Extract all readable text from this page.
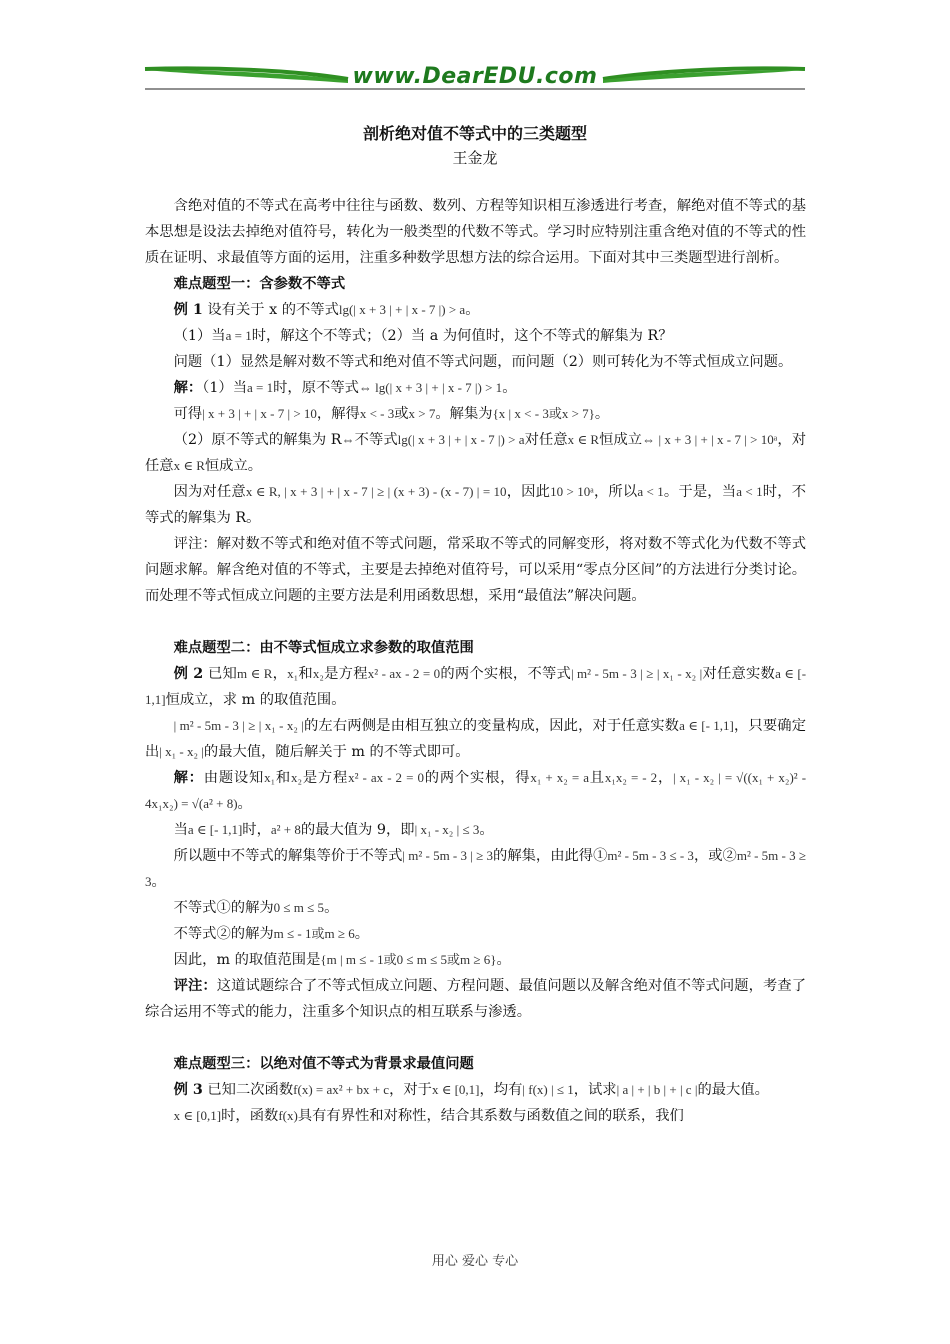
www.DearEDU.com
剖析绝对值不等式中的三类题型
王金龙

含绝对值的不等式在高考中往往与函数、数列、方程等知识相互渗透进行考查，解绝对值不等式的基本思想是设法去掉绝对值符号，转化为一般类型的代数不等式。学习时应特别注重含绝对值的不等式的性质在证明、求最值等方面的运用，注重多种数学思想方法的综合运用。下面对其中三类题型进行剖析。

难点题型一：含参数不等式

例 1 设有关于 x 的不等式lg(| x + 3 | + | x - 7 |) > a。

（1）当a = 1时，解这个不等式；（2）当 a 为何值时，这个不等式的解集为 R？

问题（1）显然是解对数不等式和绝对值不等式问题，而问题（2）则可转化为不等式恒成立问题。

解：（1）当a = 1时，原不等式⇔ lg(| x + 3 | + | x - 7 |) > 1。

可得| x + 3 | + | x - 7 | > 10，解得x < - 3或x > 7。解集为{x | x < - 3或x > 7}。

（2）原不等式的解集为 R⇔不等式lg(| x + 3 | + | x - 7 |) > a对任意x ∈ R恒成立⇔ | x + 3 | + | x - 7 | > 10ᵃ，对任意x ∈ R恒成立。

因为对任意x ∈ R, | x + 3 | + | x - 7 | ≥ | (x + 3) - (x - 7) | = 10，因此10 > 10ᵃ，所以a < 1。于是，当a < 1时，不等式的解集为 R。

评注：解对数不等式和绝对值不等式问题，常采取不等式的同解变形，将对数不等式化为代数不等式问题求解。解含绝对值的不等式，主要是去掉绝对值符号，可以采用“零点分区间”的方法进行分类讨论。而处理不等式恒成立问题的主要方法是利用函数思想，采用“最值法”解决问题。

难点题型二：由不等式恒成立求参数的取值范围

例 2 已知m ∈ R，x₁和x₂是方程x² - ax - 2 = 0的两个实根，不等式| m² - 5m - 3 | ≥ | x₁ - x₂ |对任意实数a ∈ [- 1,1]恒成立，求 m 的取值范围。

| m² - 5m - 3 | ≥ | x₁ - x₂ |的左右两侧是由相互独立的变量构成，因此，对于任意实数a ∈ [- 1,1]，只要确定出| x₁ - x₂ |的最大值，随后解关于 m 的不等式即可。

解：由题设知x₁和x₂是方程x² - ax - 2 = 0的两个实根，得x₁ + x₂ = a且x₁x₂ = - 2，| x₁ - x₂ | = √((x₁ + x₂)² - 4x₁x₂) = √(a² + 8)。

当a ∈ [- 1,1]时，a² + 8的最大值为 9，即| x₁ - x₂ | ≤ 3。

所以题中不等式的解集等价于不等式| m² - 5m - 3 | ≥ 3的解集，由此得①m² - 5m - 3 ≤ - 3，或②m² - 5m - 3 ≥ 3。

不等式①的解为0 ≤ m ≤ 5。

不等式②的解为m ≤ - 1或m ≥ 6。

因此，m 的取值范围是{m | m ≤ - 1或0 ≤ m ≤ 5或m ≥ 6}。

评注：这道试题综合了不等式恒成立问题、方程问题、最值问题以及解含绝对值不等式问题，考查了综合运用不等式的能力，注重多个知识点的相互联系与渗透。

难点题型三：以绝对值不等式为背景求最值问题

例 3 已知二次函数f(x) = ax² + bx + c，对于x ∈ [0,1]，均有| f(x) | ≤ 1，试求| a | + | b | + | c |的最大值。

x ∈ [0,1]时，函数f(x)具有有界性和对称性，结合其系数与函数值之间的联系，我们

用心 爱心 专心
